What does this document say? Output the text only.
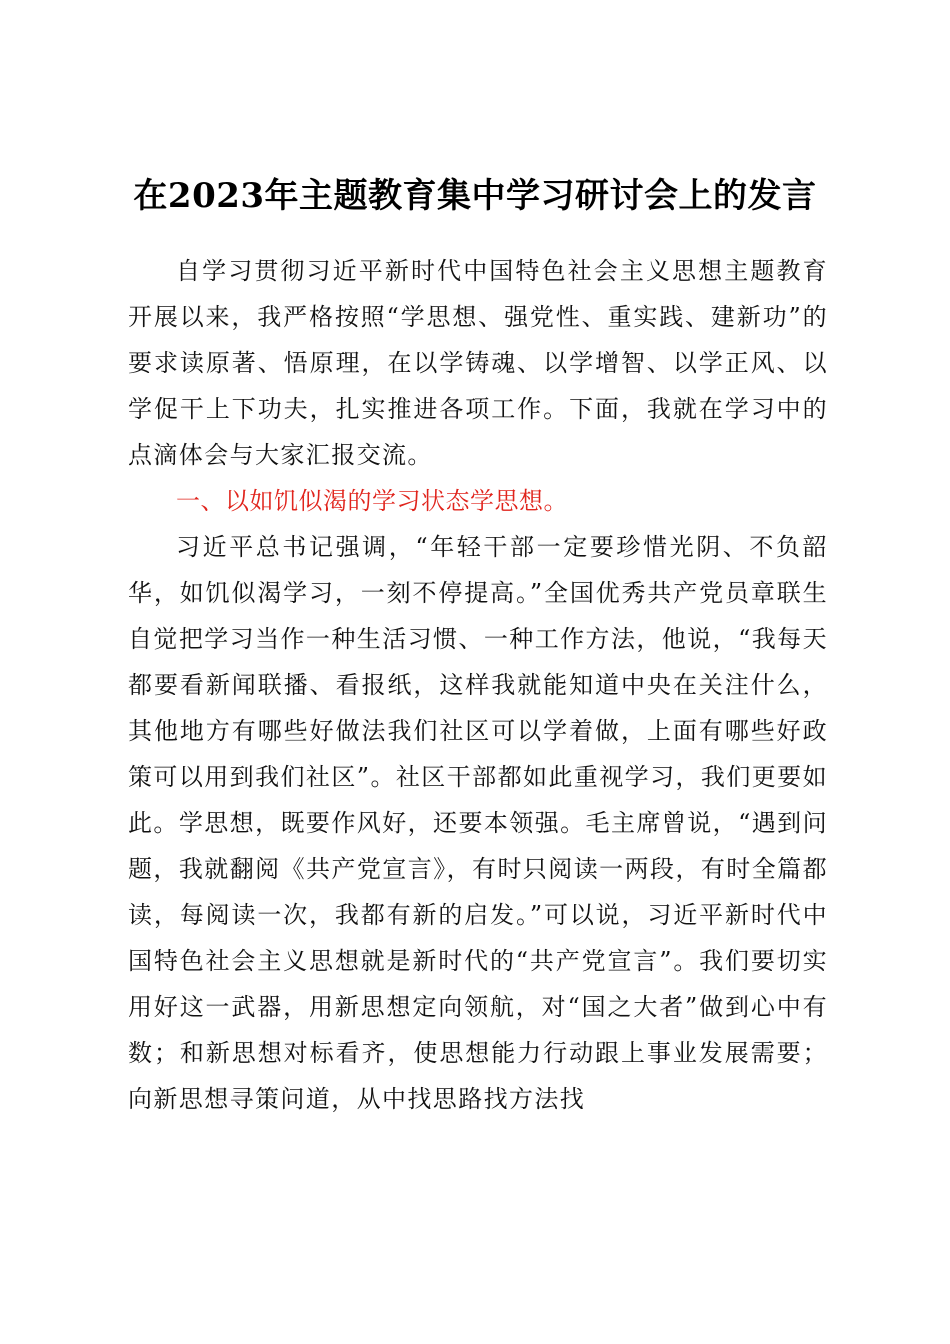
在2023年主题教育集中学习研讨会上的发言

自学习贯彻习近平新时代中国特色社会主义思想主题教育开展以来，我严格按照“学思想、强党性、重实践、建新功”的要求读原著、悟原理，在以学铸魂、以学增智、以学正风、以学促干上下功夫，扎实推进各项工作。下面，我就在学习中的点滴体会与大家汇报交流。

一、以如饥似渴的学习状态学思想。

习近平总书记强调，“年轻干部一定要珍惜光阴、不负韶华，如饥似渴学习，一刻不停提高。”全国优秀共产党员章联生自觉把学习当作一种生活习惯、一种工作方法，他说，“我每天都要看新闻联播、看报纸，这样我就能知道中央在关注什么，其他地方有哪些好做法我们社区可以学着做，上面有哪些好政策可以用到我们社区”。社区干部都如此重视学习，我们更要如此。学思想，既要作风好，还要本领强。毛主席曾说，“遇到问题，我就翻阅《共产党宣言》，有时只阅读一两段，有时全篇都读，每阅读一次，我都有新的启发。”可以说，习近平新时代中国特色社会主义思想就是新时代的“共产党宣言”。我们要切实用好这一武器，用新思想定向领航，对“国之大者”做到心中有数；和新思想对标看齐，使思想能力行动跟上事业发展需要；向新思想寻策问道，从中找思路找方法找
